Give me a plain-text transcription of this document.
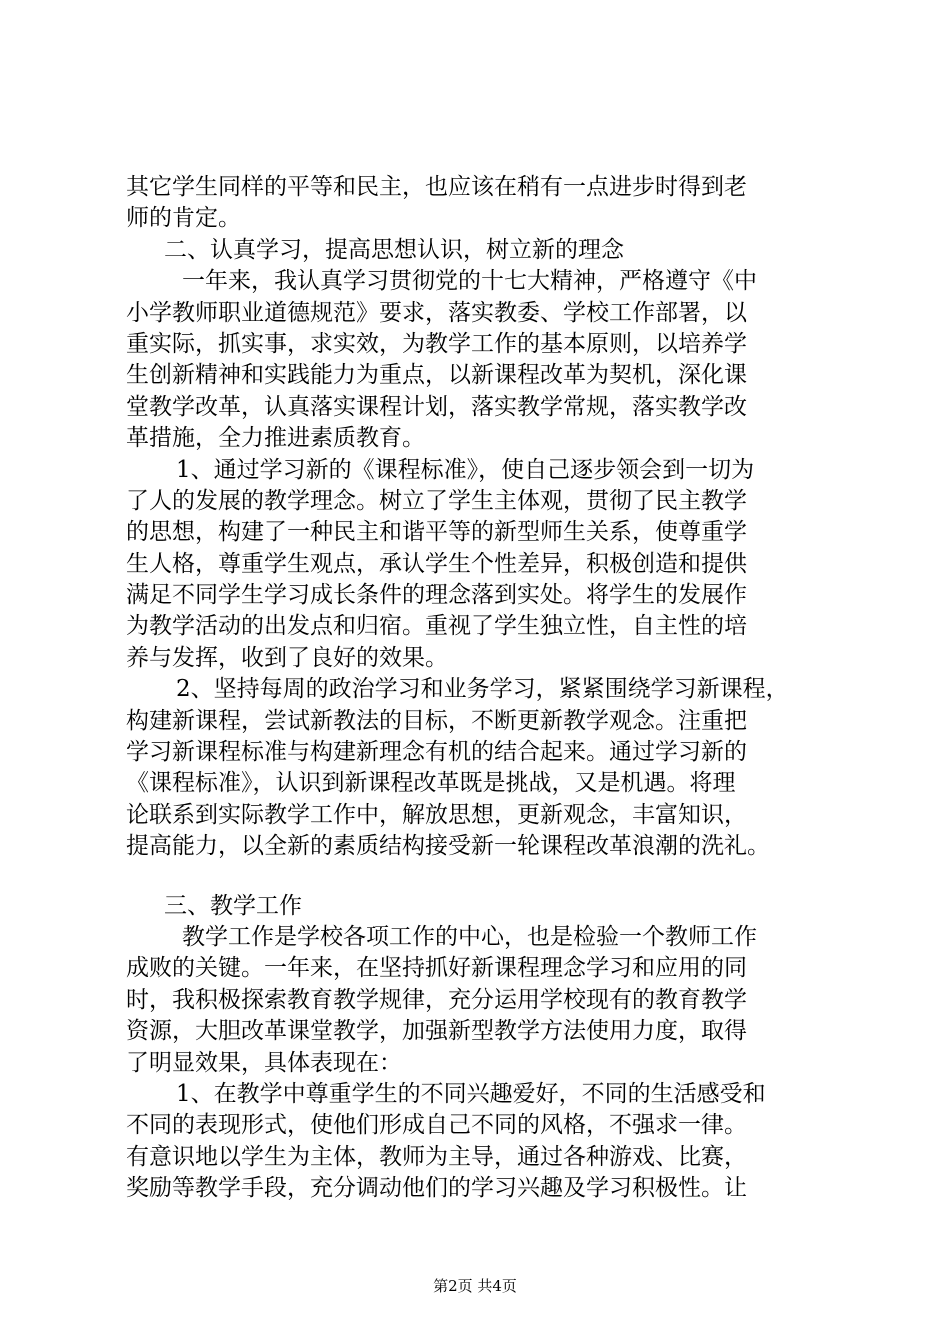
其它学生同样的平等和民主，也应该在稍有一点进步时得到老
师的肯定。
二、认真学习，提高思想认识，树立新的理念
一年来，我认真学习贯彻党的十七大精神，严格遵守《中
小学教师职业道德规范》要求，落实教委、学校工作部署，以
重实际，抓实事，求实效，为教学工作的基本原则，以培养学
生创新精神和实践能力为重点，以新课程改革为契机，深化课
堂教学改革，认真落实课程计划，落实教学常规，落实教学改
革措施，全力推进素质教育。
1、通过学习新的《课程标准》，使自己逐步领会到一切为
了人的发展的教学理念。树立了学生主体观，贯彻了民主教学
的思想，构建了一种民主和谐平等的新型师生关系，使尊重学
生人格，尊重学生观点，承认学生个性差异，积极创造和提供
满足不同学生学习成长条件的理念落到实处。将学生的发展作
为教学活动的出发点和归宿。重视了学生独立性，自主性的培
养与发挥，收到了良好的效果。
2、坚持每周的政治学习和业务学习，紧紧围绕学习新课程，
构建新课程，尝试新教法的目标，不断更新教学观念。注重把
学习新课程标准与构建新理念有机的结合起来。通过学习新的
《课程标准》，认识到新课程改革既是挑战，又是机遇。将理
论联系到实际教学工作中，解放思想，更新观念，丰富知识，
提高能力，以全新的素质结构接受新一轮课程改革浪潮的洗礼。
三、教学工作
教学工作是学校各项工作的中心，也是检验一个教师工作
成败的关键。一年来，在坚持抓好新课程理念学习和应用的同
时，我积极探索教育教学规律，充分运用学校现有的教育教学
资源，大胆改革课堂教学，加强新型教学方法使用力度，取得
了明显效果，具体表现在：
1、在教学中尊重学生的不同兴趣爱好，不同的生活感受和
不同的表现形式，使他们形成自己不同的风格，不强求一律。
有意识地以学生为主体，教师为主导，通过各种游戏、比赛，
奖励等教学手段，充分调动他们的学习兴趣及学习积极性。让
第2页 共4页
